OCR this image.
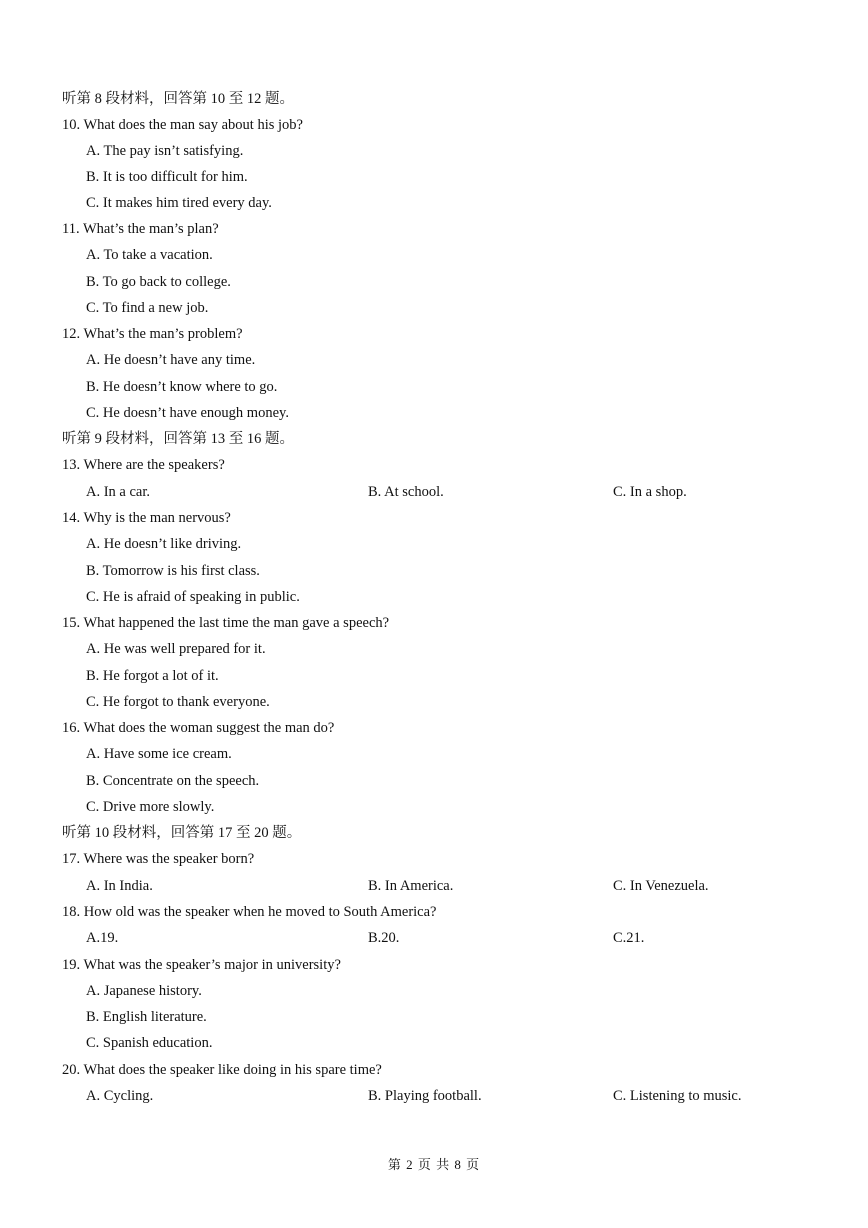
听第 8 段材料，回答第 10 至 12 题。
10. What does the man say about his job?
A. The pay isn’t satisfying.
B. It is too difficult for him.
C. It makes him tired every day.
11. What’s the man’s plan?
A. To take a vacation.
B. To go back to college.
C. To find a new job.
12. What’s the man’s problem?
A. He doesn’t have any time.
B. He doesn’t know where to go.
C. He doesn’t have enough money.
听第 9 段材料，回答第 13 至 16 题。
13. Where are the speakers?
A. In a car.	B. At school.	C. In a shop.
14. Why is the man nervous?
A. He doesn’t like driving.
B. Tomorrow is his first class.
C. He is afraid of speaking in public.
15. What happened the last time the man gave a speech?
A. He was well prepared for it.
B. He forgot a lot of it.
C. He forgot to thank everyone.
16. What does the woman suggest the man do?
A. Have some ice cream.
B. Concentrate on the speech.
C. Drive more slowly.
听第 10 段材料，回答第 17 至 20 题。
17. Where was the speaker born?
A. In India.	B. In America.	C. In Venezuela.
18. How old was the speaker when he moved to South America?
A.19.	B.20.	C.21.
19. What was the speaker’s major in university?
A. Japanese history.
B. English literature.
C. Spanish education.
20. What does the speaker like doing in his spare time?
A. Cycling.	B. Playing football.	C. Listening to music.
第 2 页 共 8 页
